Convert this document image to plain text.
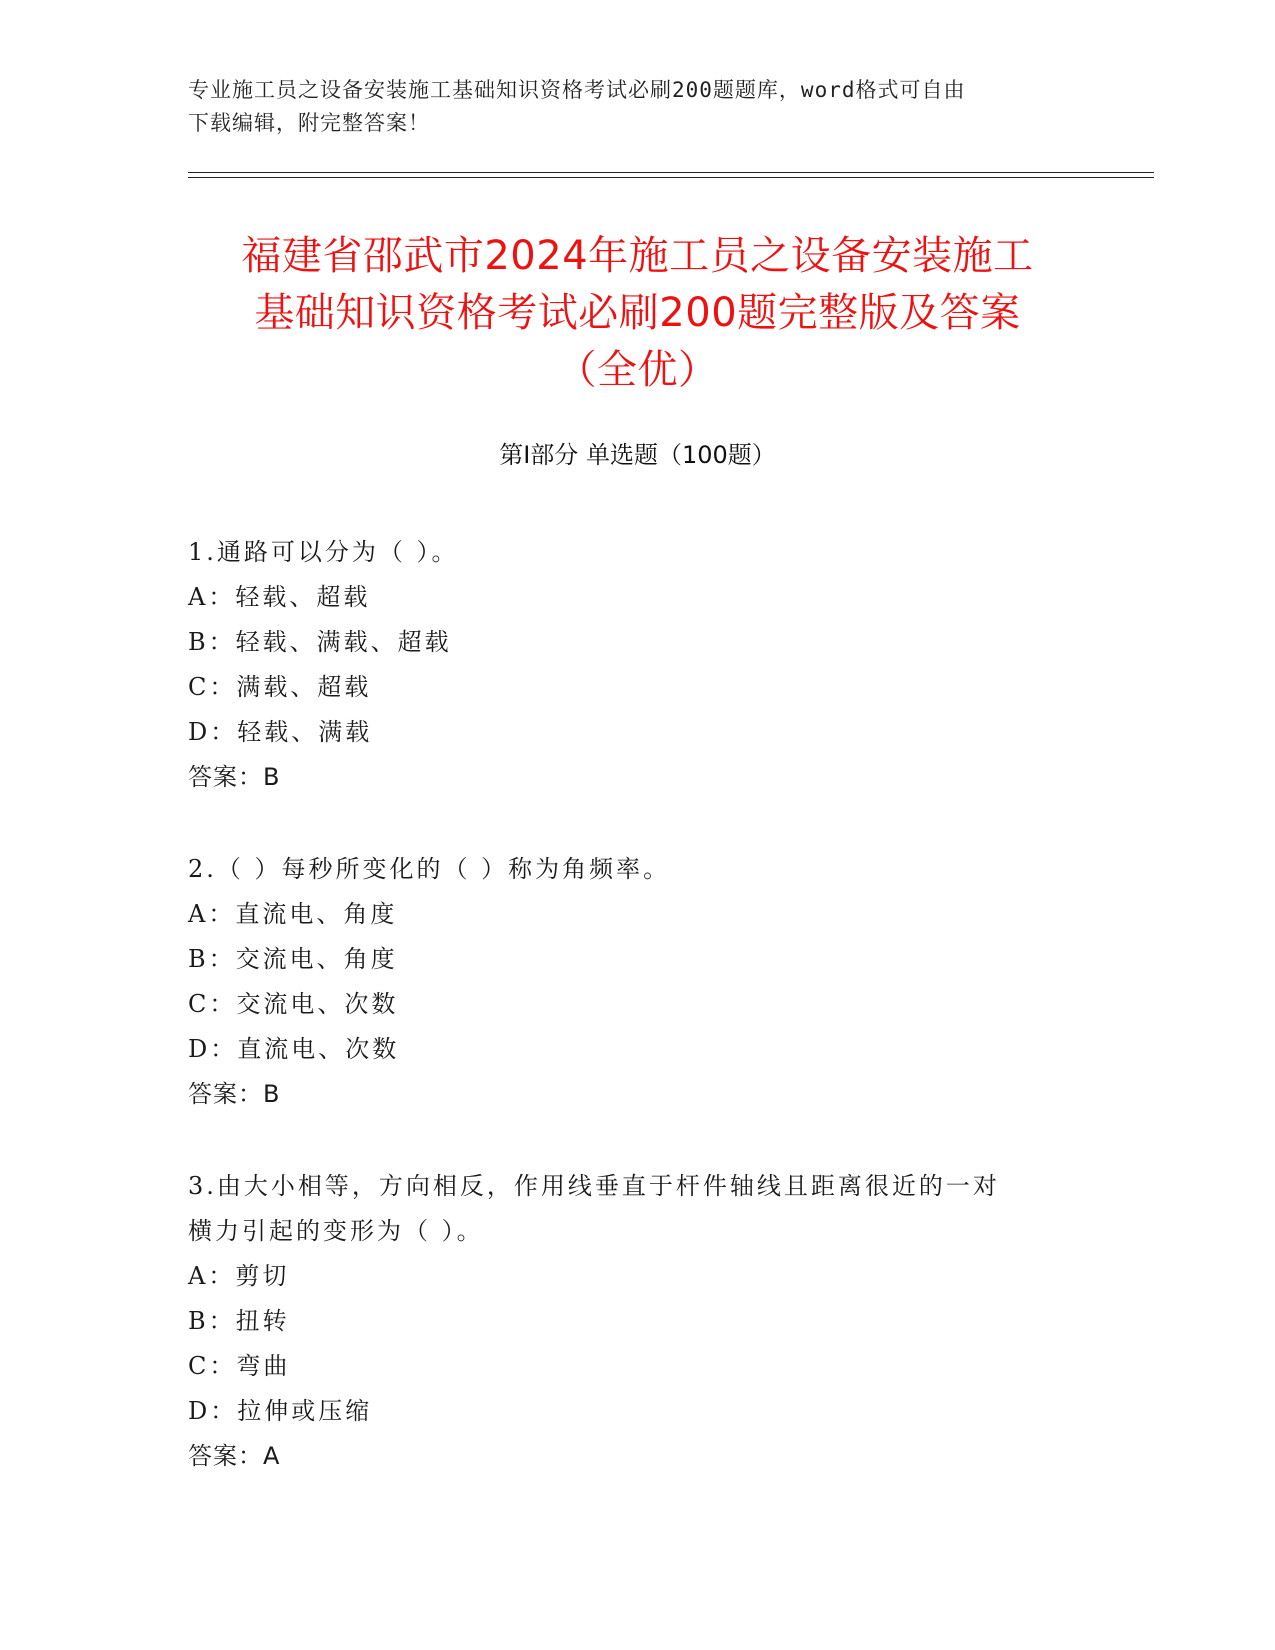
专业施工员之设备安装施工基础知识资格考试必刷200题题库，word格式可自由
下载编辑，附完整答案！
福建省邵武市2024年施工员之设备安装施工
基础知识资格考试必刷200题完整版及答案
（全优）
第Ⅰ部分 单选题（100题）
1.通路可以分为（ ）。
A：轻载、超载
B：轻载、满载、超载
C：满载、超载
D：轻载、满载
答案：B
2.（ ）每秒所变化的（ ）称为角频率。
A：直流电、角度
B：交流电、角度
C：交流电、次数
D：直流电、次数
答案：B
3.由大小相等，方向相反，作用线垂直于杆件轴线且距离很近的一对
横力引起的变形为（ ）。
A：剪切
B：扭转
C：弯曲
D：拉伸或压缩
答案：A
